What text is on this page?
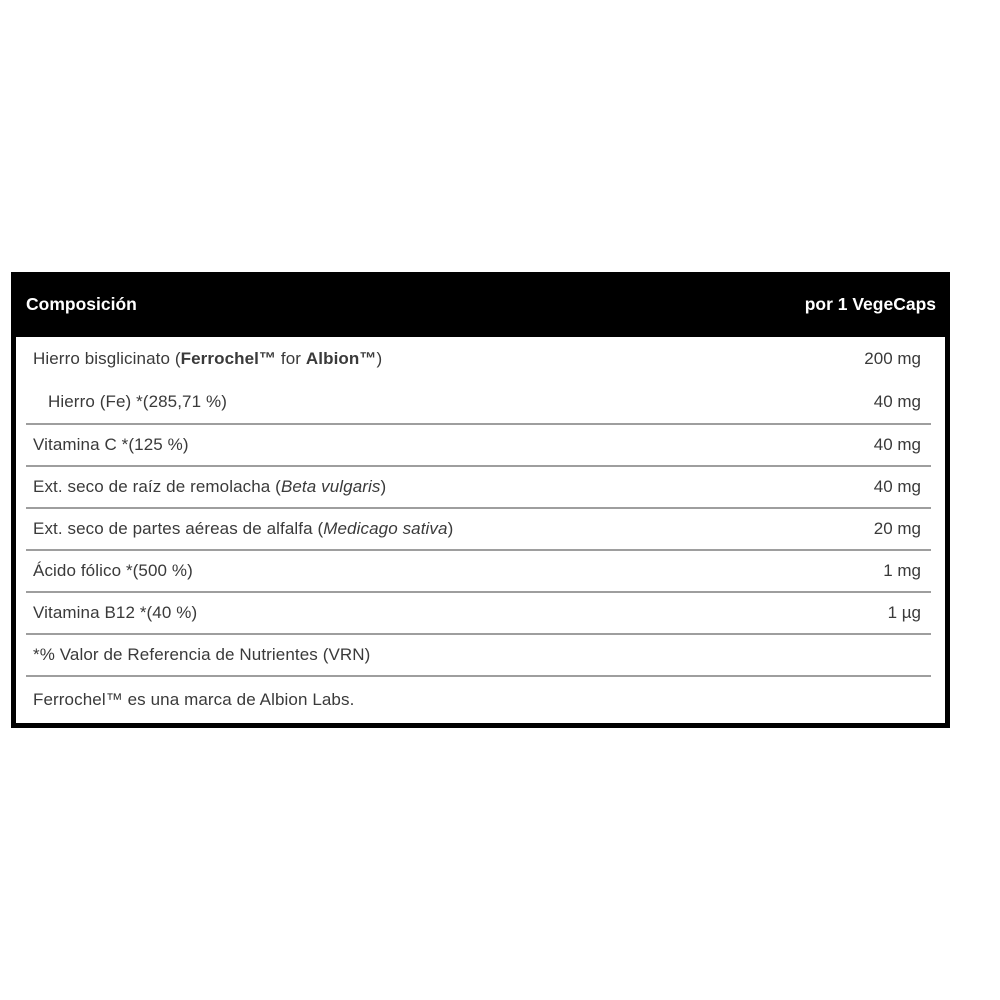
Composición	por 1 VegeCaps
Hierro bisglicinato (Ferrochel™ for Albion™)	200 mg
Hierro (Fe) *(285,71 %)	40 mg
Vitamina C *(125 %)	40 mg
Ext. seco de raíz de remolacha (Beta vulgaris)	40 mg
Ext. seco de partes aéreas de alfalfa (Medicago sativa)	20 mg
Ácido fólico *(500 %)	1 mg
Vitamina B12 *(40 %)	1 µg
*% Valor de Referencia de Nutrientes (VRN)
Ferrochel™ es una marca de Albion Labs.
